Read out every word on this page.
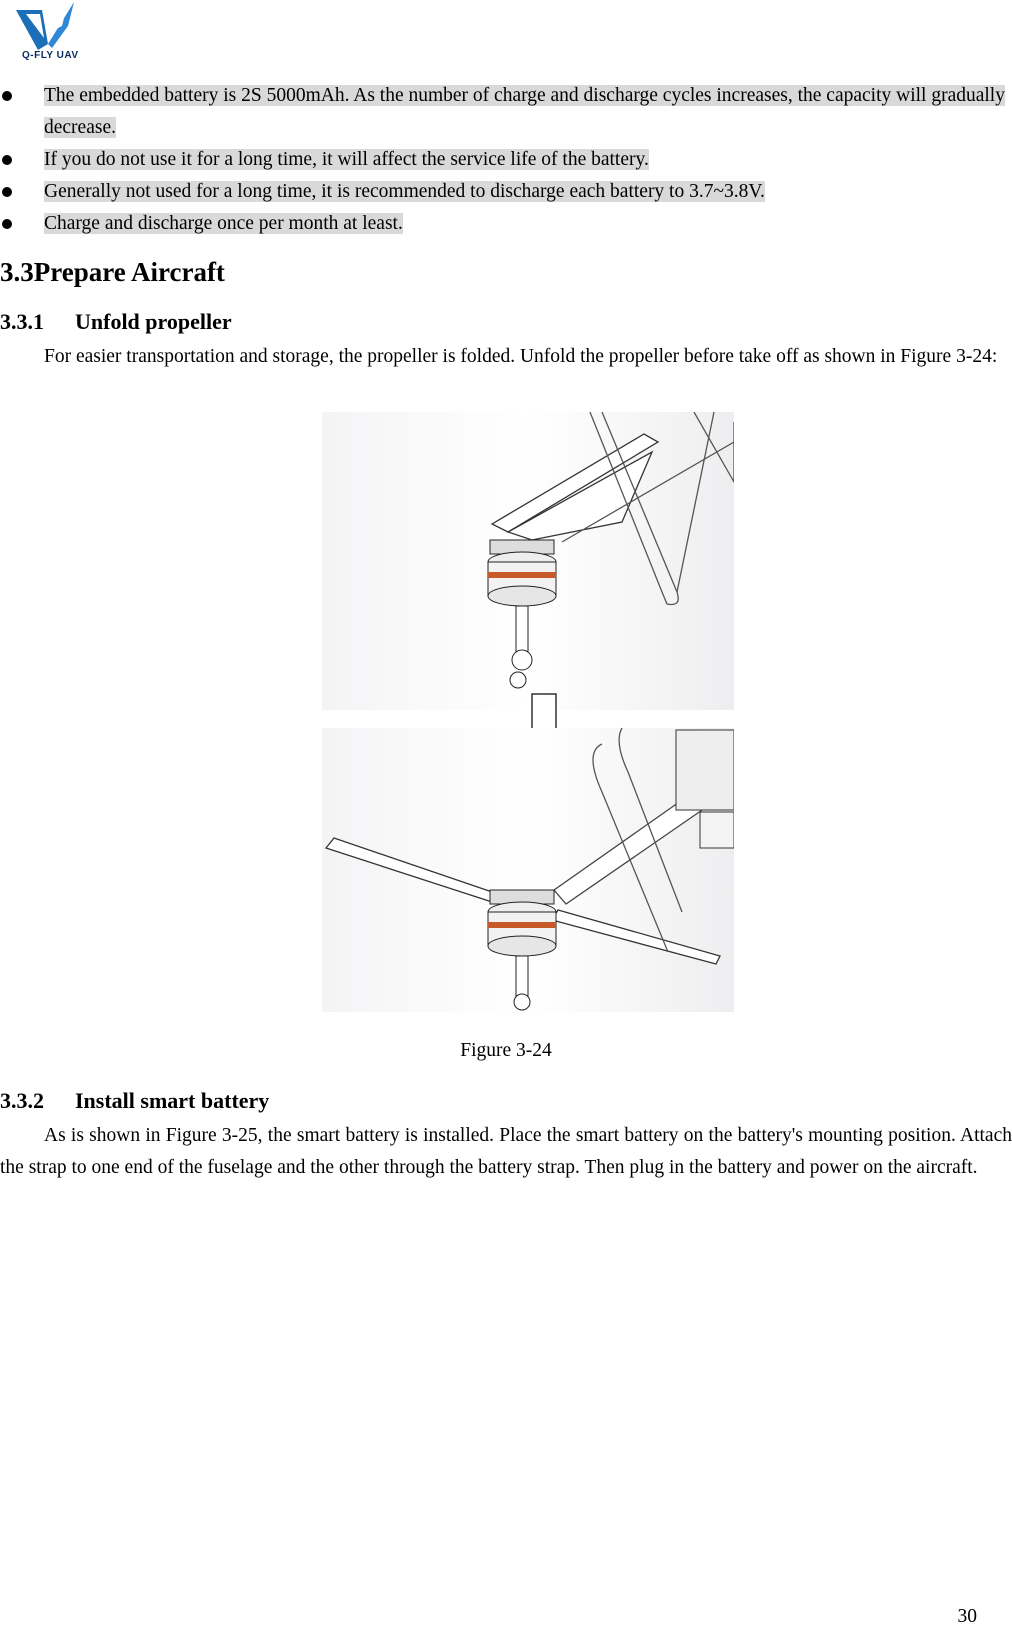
Q-FLY UAV
The embedded battery is 2S 5000mAh. As the number of charge and discharge cycles increases, the capacity will gradually decrease.
If you do not use it for a long time, it will affect the service life of the battery.
Generally not used for a long time, it is recommended to discharge each battery to 3.7~3.8V.
Charge and discharge once per month at least.
3.3Prepare Aircraft
3.3.1 Unfold propeller
For easier transportation and storage, the propeller is folded. Unfold the propeller before take off as shown in Figure 3-24:
Figure 3-24
3.3.2 Install smart battery
As is shown in Figure 3-25, the smart battery is installed. Place the smart battery on the battery's mounting position. Attach the strap to one end of the fuselage and the other through the battery strap. Then plug in the battery and power on the aircraft.
30
